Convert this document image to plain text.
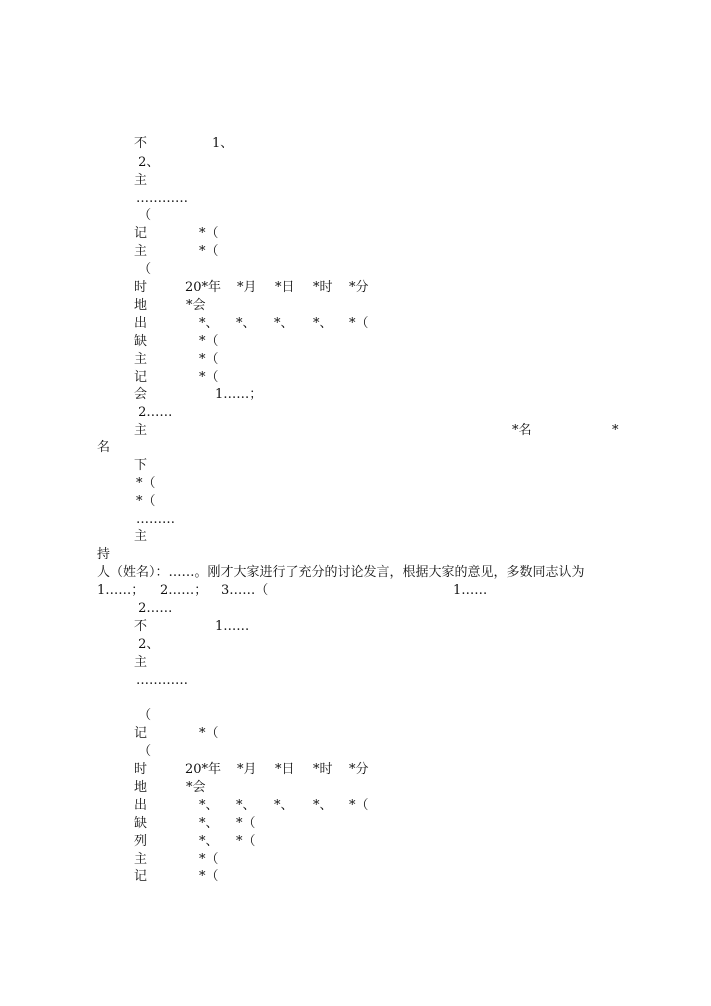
不	1、
2、
主
…………
（
记	*（
主	*（
（
时	20*年 *月 *日 *时 *分
地	*会
出	*、 *、 *、 *、 *（
缺	*（
主	*（
记	*（
会	1……；
2……
主	*名	*
名
下
*（
*（
………
主
持
人（姓名）：……。刚才大家进行了充分的讨论发言，根据大家的意见，多数同志认为
1……； 2……； 3……（	1……
2……
不	1……
2、
主
…………
（
记	*（
（
时	20*年 *月 *日 *时 *分
地	*会
出	*、 *、 *、 *、 *（
缺	*、 *（
列	*、 *（
主	*（
记	*（
